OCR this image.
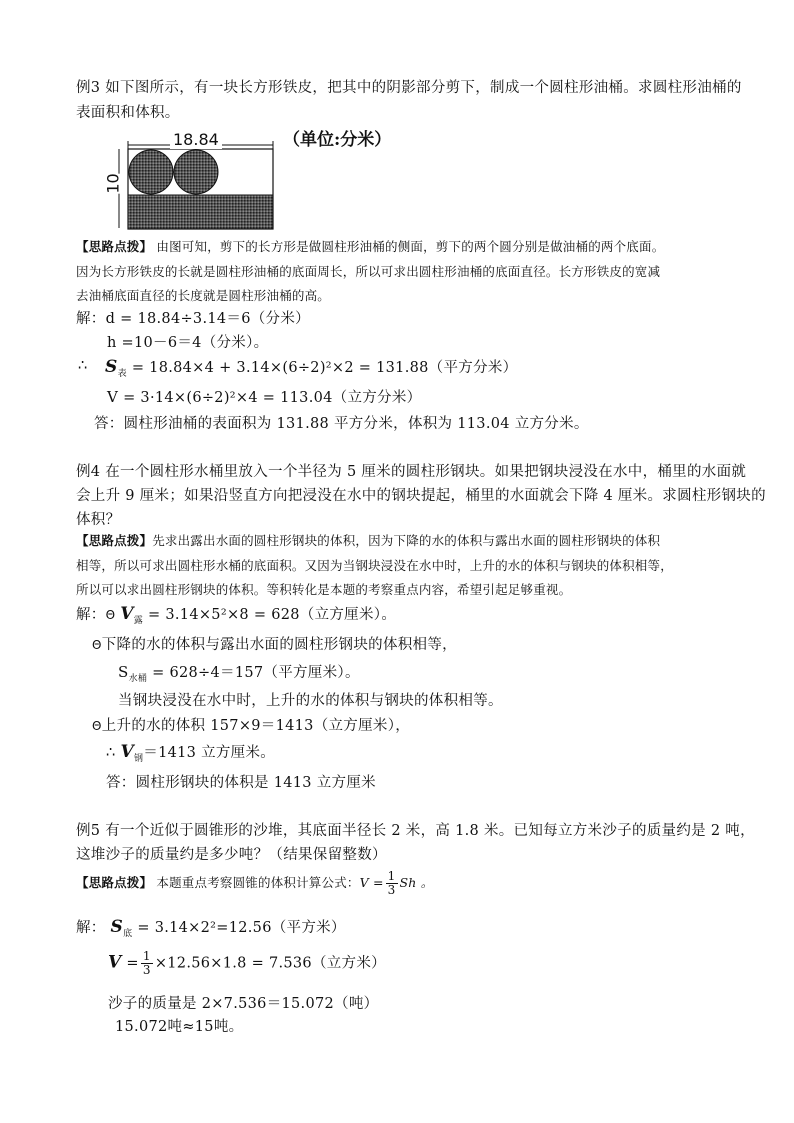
例3 如下图所示，有一块长方形铁皮，把其中的阴影部分剪下，制成一个圆柱形油桶。求圆柱形油桶的
表面积和体积。
18.84
10
（单位:分米）
【思路点拨】 由图可知，剪下的长方形是做圆柱形油桶的侧面，剪下的两个圆分别是做油桶的两个底面。
因为长方形铁皮的长就是圆柱形油桶的底面周长，所以可求出圆柱形油桶的底面直径。长方形铁皮的宽减
去油桶底面直径的长度就是圆柱形油桶的高。
解：d = 18.84÷3.14＝6（分米）
h =10－6＝4（分米）。
∴ $S_表 = 18.84\times 4 + 3.14\times(6\div 2)^2\times 2 = 131.88$（平方分米）
V = 3·14×(6÷2)²×4 = 113.04（立方分米）
答：圆柱形油桶的表面积为 131.88 平方分米，体积为 113.04 立方分米。
例4 在一个圆柱形水桶里放入一个半径为 5 厘米的圆柱形钢块。如果把钢块浸没在水中，桶里的水面就
会上升 9 厘米；如果沿竖直方向把浸没在水中的钢块提起，桶里的水面就会下降 4 厘米。求圆柱形钢块的
体积？
【思路点拨】先求出露出水面的圆柱形钢块的体积，因为下降的水的体积与露出水面的圆柱形钢块的体积
相等，所以可求出圆柱形水桶的底面积。又因为当钢块浸没在水中时，上升的水的体积与钢块的体积相等，
所以可以求出圆柱形钢块的体积。等积转化是本题的考察重点内容，希望引起足够重视。
解：Θ $V_露 = 3.14\times 5^2\times 8 = 628$（立方厘米）。
Θ下降的水的体积与露出水面的圆柱形钢块的体积相等，
$S_{水桶} = 628\div 4=157$（平方厘米）。
当钢块浸没在水中时，上升的水的体积与钢块的体积相等。
Θ上升的水的体积 157×9＝1413（立方厘米），
∴ $V_钢=1413$ 立方厘米。
答：圆柱形钢块的体积是 1413 立方厘米
例5 有一个近似于圆锥形的沙堆，其底面半径长 2 米，高 1.8 米。已知每立方米沙子的质量约是 2 吨，
这堆沙子的质量约是多少吨？（结果保留整数）
【思路点拨】 本题重点考察圆锥的体积计算公式：$V = \frac{1}{3}$ Sh 。
解： $S_底 = 3.14\times 2^2=12.56$（平方米）
$V = \frac{1}{3} \times 12.56\times 1.8 = 7.536$（立方米）
沙子的质量是 2×7.536＝15.072（吨）
15.072吨≈15吨。
